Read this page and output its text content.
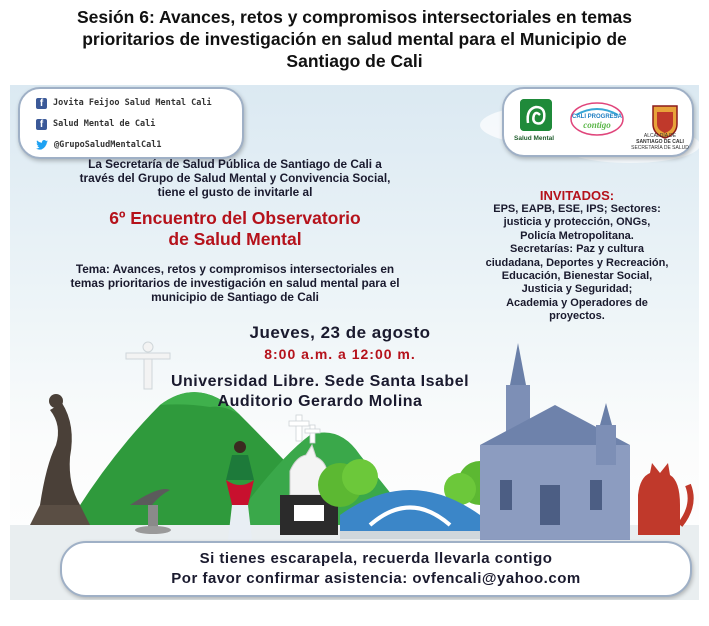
Sesión 6: Avances, retos y compromisos intersectoriales en temas
prioritarios de investigación en salud mental para el Municipio de
Santiago de Cali
f	Jovita Feijoo Salud Mental Cali
f	Salud Mental de Cali
@GrupoSaludMentalCal1
Salud Mental
CALI PROGRESA
contigo
ALCALDÍA DE
SANTIAGO DE CALI
SECRETARÍA DE SALUD
La Secretaría de Salud Pública de Santiago de Cali a
través del Grupo de Salud Mental y Convivencia Social,
tiene el gusto de invitarle al
6º Encuentro del Observatorio
de Salud Mental
Tema: Avances, retos y compromisos intersectoriales en
temas prioritarios de investigación en salud mental para el
municipio de Santiago de Cali
INVITADOS:
EPS, EAPB, ESE, IPS; Sectores:
justicia y protección, ONGs,
Policía Metropolitana.
Secretarías: Paz y cultura
ciudadana, Deportes y Recreación,
Educación, Bienestar Social,
Justicia y Seguridad;
Academia y Operadores de
proyectos.
Jueves, 23 de agosto
8:00 a.m. a 12:00 m.
Universidad Libre. Sede Santa Isabel
Auditorio Gerardo Molina
Si tienes escarapela, recuerda llevarla contigo
Por favor confirmar asistencia: ovfencali@yahoo.com
